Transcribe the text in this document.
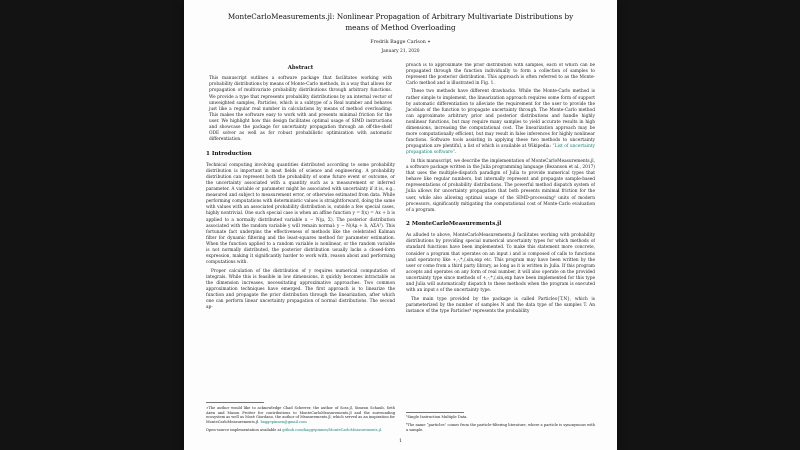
MonteCarloMeasurements.jl: Nonlinear Propagation of Arbitrary Multivariate Distributions by means of Method Overloading
Fredrik Bagge Carlson ∗
January 21, 2020
Abstract

This manuscript outlines a software package that facilitates working with probability distributions by means of Monte-Carlo methods, in a way that allows for propagation of multivariate probability distributions through arbitrary functions. We provide a type that represents probability distributions by an internal vector of unweighted samples, Particles, which is a subtype of a Real number and behaves just like a regular real number in calculations by means of method overloading. This makes the software easy to work with and presents minimal friction for the user. We highlight how this design facilitates optimal usage of SIMD instructions and showcase the package for uncertainty propagation through an off-the-shelf ODE solver as well as for robust probabilistic optimization with automatic differentiation.

1 Introduction

Technical computing involving quantities distributed according to some probability distribution is important in most fields of science and engineering. A probability distribution can represent both the probability of some future event or outcome, or the uncertainty associated with a quantity such as a measurement or inferred parameter. A variable or parameter might be associated with uncertainty if it is, e.g., measured and subject to measurement error, or otherwise estimated from data. While performing computations with deterministic values is straightforward, doing the same with values with an associated probability distribution is, outside a few special cases, highly nontrivial. One such special case is when an affine function y = f(x) = Ax + b is applied to a normally distributed variable x ∼ N(μ, Σ). The posterior distribution associated with the random variable y will remain normal: y ∼ N(Aμ + b, AΣAᵀ). This fortunate fact underpins the effectiveness of methods like the celebrated Kalman filter for dynamic filtering and the least-squares method for parameter estimation. When the function applied to a random variable is nonlinear, or the random variable is not normally distributed, the posterior distribution usually lacks a closed-form expression, making it significantly harder to work with, reason about and performing computations with.

Proper calculation of the distribution of y requires numerical computation of integrals. While this is feasible in low dimensions, it quickly becomes intractable as the dimension increases, necessitating approximative approaches. Two common approximation techniques have emerged. The first approach is to linearize the function and propagate the prior distribution through the linearization, after which one can perform linear uncertainty propagation of normal distributions. The second ap-

∗The author would like to acknowledge Chad Scherrer, the author of Soss.jl, Simeon Schaub, Seth Axen and Mason Protter for contributions to MonteCarloMeasurements.jl and the surrounding ecosystem as well as Mosè Giordano, the author of Measurements.jl, which served as an inspiration for MonteCarloMeasurements.jl. baggepinnen@gmail.com

Open-source implementation available at github.com/baggepinnen/MonteCarloMeasurements.jl.

proach is to approximate the prior distribution with samples, each of which can be propagated through the function individually to form a collection of samples to represent the posterior distribution. This approach is often referred to as the Monte-Carlo method and is illustrated in Fig. 1.

These two methods have different drawbacks. While the Monte-Carlo method is rather simple to implement, the linearization approach requires some form of support by automatic differentiation to alleviate the requirement for the user to provide the Jacobian of the function to propagate uncertainty through. The Monte-Carlo method can approximate arbitrary prior and posterior distributions and handle highly nonlinear functions, but may require many samples to yield accurate results in high dimensions, increasing the computational cost. The linearization approach may be more computationally efficient, but may result in false inferences for highly nonlinear functions. Software tools assisting in applying these two methods to uncertainty propagation are plentiful, a list of which is available at Wikipedia: “List of uncertainty propagation software”.

In this manuscript, we describe the implementation of MonteCarloMeasurements.jl, a software package written in the Julia programming language (Bezanson et al., 2017) that uses the multiple-dispatch paradigm of Julia to provide numerical types that behave like regular numbers, but internally represent and propagate sample-based representations of probability distributions. The powerful method dispatch system of Julia allows for uncertainty propagation that both presents minimal friction for the user, while also allowing optimal usage of the SIMD-processing³ units of modern processors, significantly mitigating the computational cost of Monte-Carlo evaluation of a program.

2 MonteCarloMeasurements.jl

As alluded to above, MonteCarloMeasurements.jl facilitates working with probability distributions by providing special numerical uncertainty types for which methods of standard functions have been implemented. To make this statement more concrete, consider a program that operates on an input i and is composed of calls to functions (and operators) like +,-,*,/,sin,exp etc. This program may have been written by the user or come from a third party library, as long as it is written in Julia. If this program accepts and operates on any form of real number, it will also operate on the provided uncertainty type since methods of +,-,*,/,sin,exp have been implemented for this type and Julia will automatically dispatch to these methods when the program is executed with an input s of the uncertainty type.

The main type provided by the package is called Particles{T,N}, which is parameterized by the number of samples N and the data type of the samples T. An instance of the type Particles⁴ represents the probability

³Single Instruction Multiple Data.

⁴The name “particles” comes from the particle-filtering literature, where a particle is synonymous with a sample.

1
